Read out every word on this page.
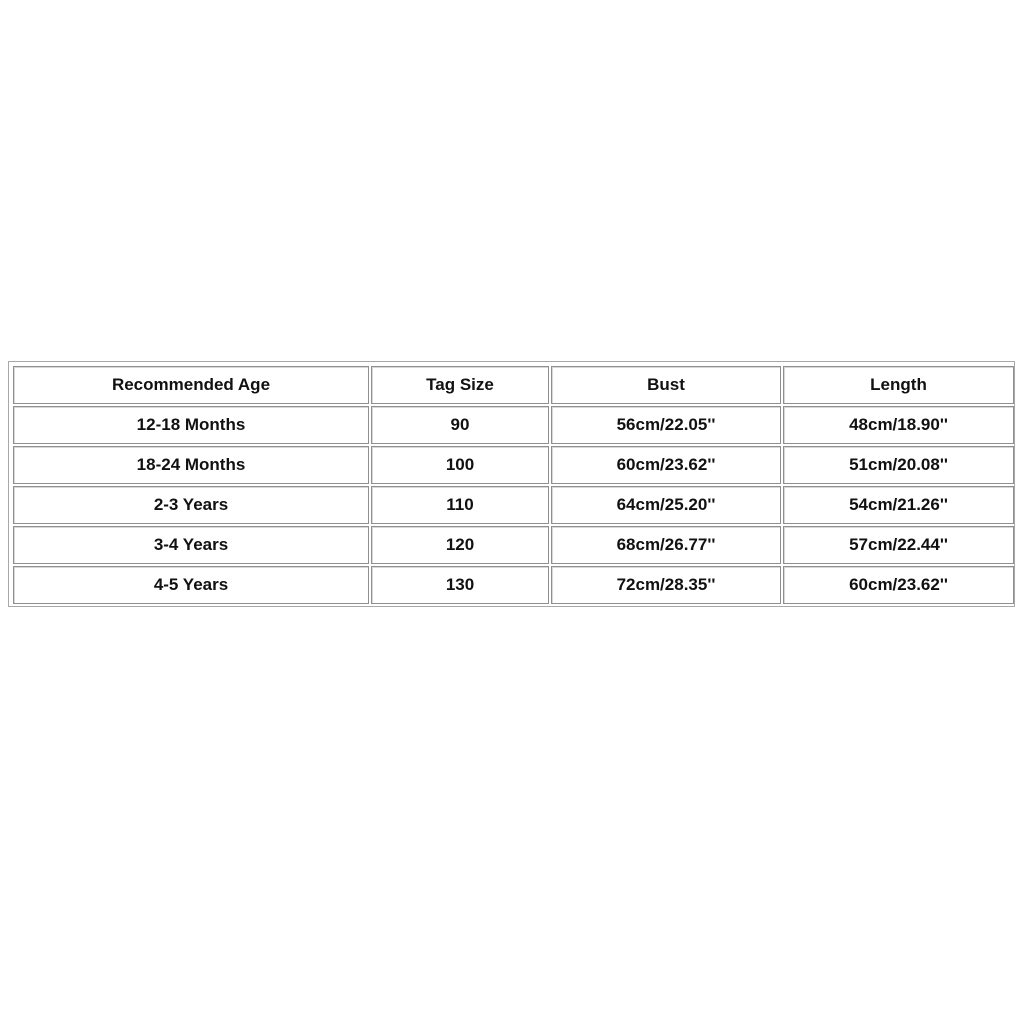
Recommended Age	Tag Size	Bust	Length
12-18 Months	90	56cm/22.05''	48cm/18.90''
18-24 Months	100	60cm/23.62''	51cm/20.08''
2-3 Years	110	64cm/25.20''	54cm/21.26''
3-4 Years	120	68cm/26.77''	57cm/22.44''
4-5 Years	130	72cm/28.35''	60cm/23.62''
